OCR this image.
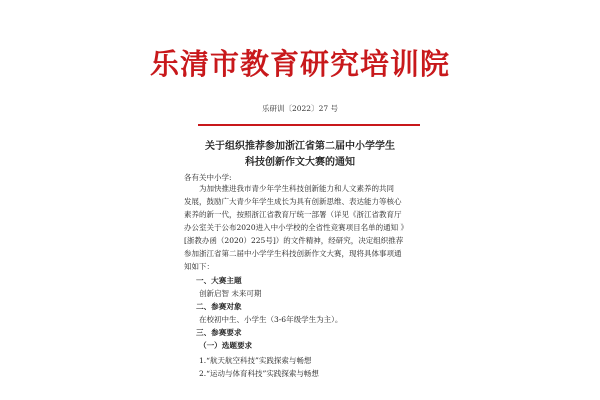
乐清市教育研究培训院
乐研训〔2022〕27 号
关于组织推荐参加浙江省第二届中小学学生
科技创新作文大赛的通知
各有关中小学:
为加快推进我市青少年学生科技创新能力和人文素养的共同
发展，鼓励广大青少年学生成长为具有创新思维、表达能力等核心
素养的新一代，按照浙江省教育厅统一部署（详见《浙江省教育厅
办公室关于公布2020进入中小学校的全省性竞赛项目名单的通知 》
[浙教办函（2020）225号]）的文件精神，经研究，决定组织推荐
参加浙江省第二届中小学学生科技创新作文大赛，现将具体事项通
知如下：
一、大赛主题
创新启智 未来可期
二、参赛对象
在校初中生、小学生（3-6年级学生为主）。
三、参赛要求
（一）选题要求
1.“航天航空科技”实践探索与畅想
2.“运动与体育科技”实践探索与畅想
